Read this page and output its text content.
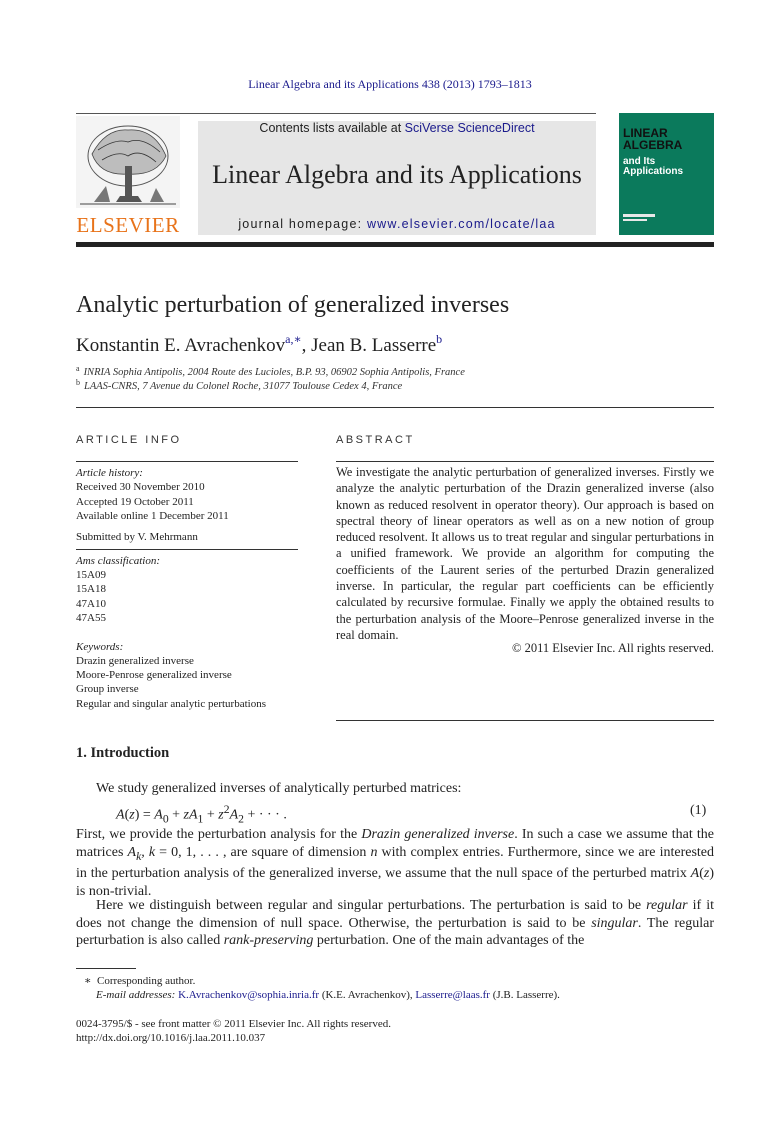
Linear Algebra and its Applications 438 (2013) 1793–1813
ELSEVIER
Contents lists available at SciVerse ScienceDirect
Linear Algebra and its Applications
journal homepage: www.elsevier.com/locate/laa
LINEAR
ALGEBRA
and Its
Applications
Analytic perturbation of generalized inverses
Konstantin E. Avrachenkov$^{a,∗}$, Jean B. Lasserre$^b$
$^a$ INRIA Sophia Antipolis, 2004 Route des Lucioles, B.P. 93, 06902 Sophia Antipolis, France
$^b$ LAAS-CNRS, 7 Avenue du Colonel Roche, 31077 Toulouse Cedex 4, France
ARTICLE INFO
Article history:
Received 30 November 2010
Accepted 19 October 2011
Available online 1 December 2011
Submitted by V. Mehrmann
Ams classification:
15A09
15A18
47A10
47A55
Keywords:
Drazin generalized inverse
Moore-Penrose generalized inverse
Group inverse
Regular and singular analytic perturbations
ABSTRACT
We investigate the analytic perturbation of generalized inverses. Firstly we analyze the analytic perturbation of the Drazin generalized inverse (also known as reduced resolvent in operator theory). Our approach is based on spectral theory of linear operators as well as on a new notion of group reduced resolvent. It allows us to treat regular and singular perturbations in a unified framework. We provide an algorithm for computing the coefficients of the Laurent series of the perturbed Drazin generalized inverse. In particular, the regular part coefficients can be efficiently calculated by recursive formulae. Finally we apply the obtained results to the perturbation analysis of the Moore–Penrose generalized inverse in the real domain.
© 2011 Elsevier Inc. All rights reserved.
1. Introduction
We study generalized inverses of analytically perturbed matrices:
$A(z) = A_0 + zA_1 + z^2A_2$ + · · · .	(1)
First, we provide the perturbation analysis for the Drazin generalized inverse. In such a case we assume that the matrices $A_k$, k = 0, 1, . . . , are square of dimension n with complex entries. Furthermore, since we are interested in the perturbation analysis of the generalized inverse, we assume that the null space of the perturbed matrix A(z) is non-trivial.
Here we distinguish between regular and singular perturbations. The perturbation is said to be regular if it does not change the dimension of null space. Otherwise, the perturbation is said to be singular. The regular perturbation is also called rank-preserving perturbation. One of the main advantages of the
∗ Corresponding author.
E-mail addresses: K.Avrachenkov@sophia.inria.fr (K.E. Avrachenkov), Lasserre@laas.fr (J.B. Lasserre).
0024-3795/$ - see front matter © 2011 Elsevier Inc. All rights reserved.
http://dx.doi.org/10.1016/j.laa.2011.10.037
